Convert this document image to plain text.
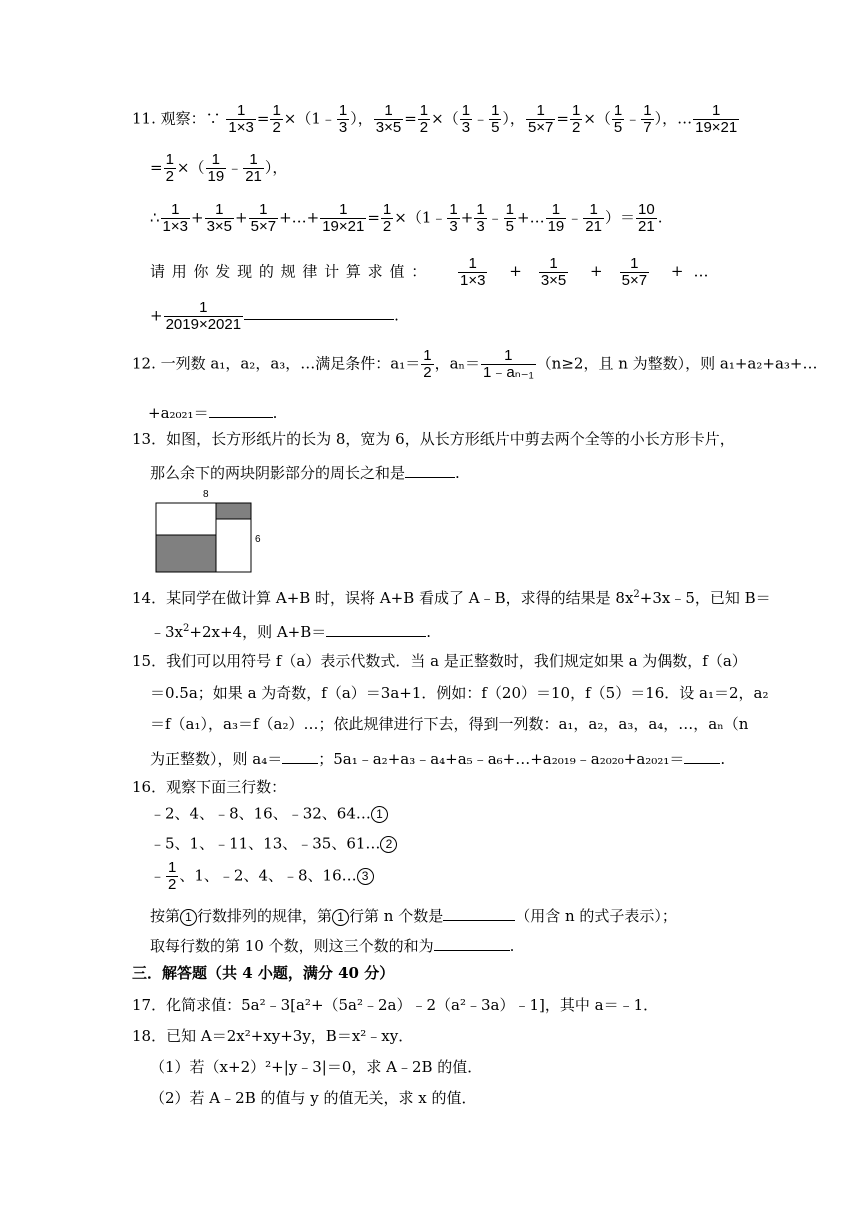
11. 观察：∵ $\frac{1}{1\times 3} = \frac{1}{2}$ ×（1﹣ $\frac{1}{3}$ ）， $\frac{1}{3\times 5} = \frac{1}{2}$ ×（ $\frac{1}{3}$ ﹣ $\frac{1}{5}$ ）， $\frac{1}{5\times 7} = \frac{1}{2}$ ×（ $\frac{1}{5}$ ﹣ $\frac{1}{7}$ ），… $\frac{1}{19\times 21}$
= $\frac{1}{2}$ ×（ $\frac{1}{19}$ ﹣ $\frac{1}{21}$ ），
∴ $\frac{1}{1\times 3} + \frac{1}{3\times 5} + \frac{1}{5\times 7}$ +…+ $\frac{1}{19\times 21} = \frac{1}{2}$ ×（1﹣ $\frac{1}{3} + \frac{1}{3}$ ﹣ $\frac{1}{5}$ +… $\frac{1}{19}$ ﹣ $\frac{1}{21}$ ）＝ $\frac{10}{21}$ .
请 用 你 发 现 的 规 律 计 算 求 值 ： $\frac{1}{1\times 3} + \frac{1}{3\times 5} + \frac{1}{5\times 7}$ + …
+ $\frac{1}{2019\times 2021}$	.
12. 一列数 a₁，a₂，a₃，…满足条件：$a_1= \frac{1}{2}$ ，$a_n= \frac{1}{\text{1﹣aₙ₋₁}} (n\ge 2$，且 n 为整数），则 a₁+a₂+a₃+…
+a₂₀₂₁＝	.
13．如图，长方形纸片的长为 8，宽为 6，从长方形纸片中剪去两个全等的小长方形卡片，
那么余下的两块阴影部分的周长之和是	.
8
6
14．某同学在做计算 A+B 时，误将 A+B 看成了 A﹣B，求得的结果是 $8x^2+3x﹣5$，已知 B＝
$﹣3x^2+2x+4$，则 A+B＝	.
15．我们可以用符号 f（a）表示代数式．当 a 是正整数时，我们规定如果 a 为偶数，f（a）
＝0.5a；如果 a 为奇数，f（a）＝3a+1．例如：f（20）＝10，f（5）＝16．设 a₁＝2，a₂
＝f（a₁），a₃＝f（a₂）…；依此规律进行下去，得到一列数：a₁，a₂，a₃，a₄，…，aₙ（n
为正整数），则 a₄＝ ；5a₁﹣a₂+a₃﹣a₄+a₅﹣a₆+…+a₂₀₁₉﹣a₂₀₂₀+a₂₀₂₁＝ .
16．观察下面三行数：
﹣2、4、﹣8、16、﹣32、64… 1
﹣5、1、﹣11、13、﹣35、61… 2
﹣ $\frac{1}{2}$ 、1、﹣2、4、﹣8、16… 3
按第 1 行数排列的规律，第 1 行第 n 个数是	（用含 n 的式子表示）；
取每行数的第 10 个数，则这三个数的和为	.
三．解答题（共 4 小题，满分 40 分）
17．化简求值：5a²﹣3[a²+（5a²﹣2a）﹣2（a²﹣3a）﹣1]，其中 a＝﹣1．
18．已知 A＝2x²+xy+3y，B＝x²﹣xy．
（1）若（x+2）²+|y﹣3|＝0，求 A﹣2B 的值．
（2）若 A﹣2B 的值与 y 的值无关，求 x 的值．
